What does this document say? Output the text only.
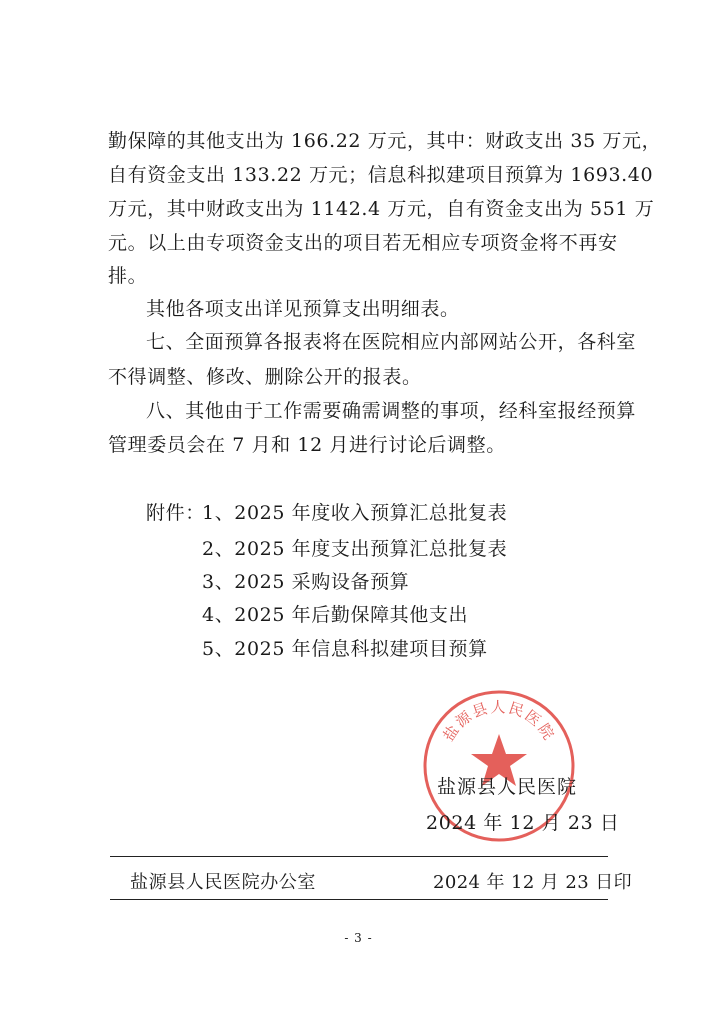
勤保障的其他支出为 166.22 万元，其中：财政支出 35 万元，
自有资金支出 133.22 万元；信息科拟建项目预算为 1693.40
万元，其中财政支出为 1142.4 万元，自有资金支出为 551 万
元。以上由专项资金支出的项目若无相应专项资金将不再安
排。
其他各项支出详见预算支出明细表。
七、全面预算各报表将在医院相应内部网站公开，各科室
不得调整、修改、删除公开的报表。
八、其他由于工作需要确需调整的事项，经科室报经预算
管理委员会在 7 月和 12 月进行讨论后调整。
附件：
1、2025 年度收入预算汇总批复表
2、2025 年度支出预算汇总批复表
3、2025 采购设备预算
4、2025 年后勤保障其他支出
5、2025 年信息科拟建项目预算
盐源县人民医院
盐源县人民医院
2024 年 12 月 23 日
盐源县人民医院办公室	2024 年 12 月 23 日印
- 3 -
